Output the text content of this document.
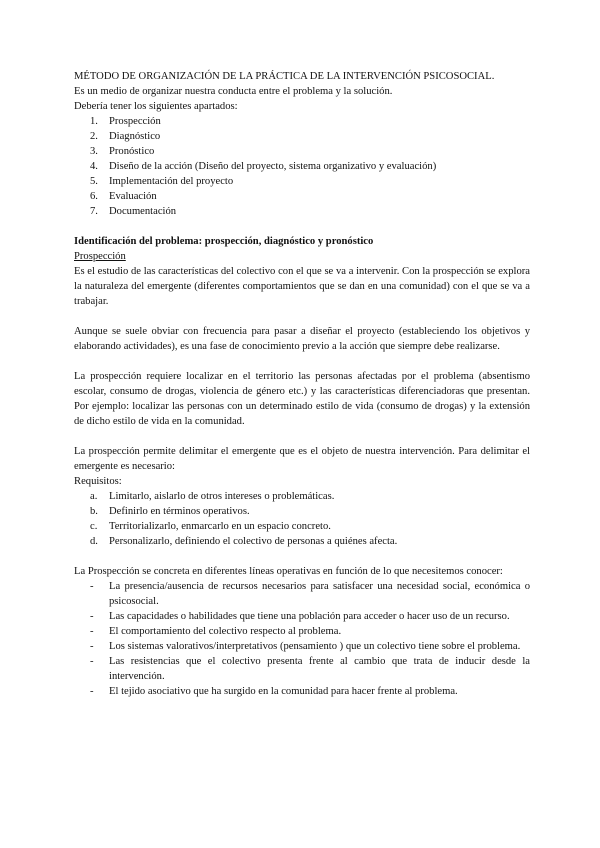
MÉTODO DE ORGANIZACIÓN DE LA PRÁCTICA DE LA INTERVENCIÓN PSICOSOCIAL.

Es un medio de organizar nuestra conducta entre el problema y la solución.

Debería tener los siguientes apartados:

1. Prospección
2. Diagnóstico
3. Pronóstico
4. Diseño de la acción (Diseño del proyecto, sistema organizativo y evaluación)
5. Implementación del proyecto
6. Evaluación
7. Documentación

Identificación del problema: prospección, diagnóstico y pronóstico

Prospección

Es el estudio de las características del colectivo con el que se va a intervenir. Con la prospección se explora la naturaleza del emergente (diferentes comportamientos que se dan en una comunidad) con el que se va a trabajar.

Aunque se suele obviar con frecuencia para pasar a diseñar el proyecto (estableciendo los objetivos y elaborando actividades), es una fase de conocimiento previo a la acción que siempre debe realizarse.

La prospección requiere localizar en el territorio las personas afectadas por el problema (absentismo escolar, consumo de drogas, violencia de género etc.) y las características diferenciadoras que presentan. Por ejemplo: localizar las personas con un determinado estilo de vida (consumo de drogas) y la extensión de dicho estilo de vida en la comunidad.

La prospección permite delimitar el emergente que es el objeto de nuestra intervención. Para delimitar el emergente es necesario:

Requisitos:

a. Limitarlo, aislarlo de otros intereses o problemáticas.
b. Definirlo en términos operativos.
c. Territorializarlo, enmarcarlo en un espacio concreto.
d. Personalizarlo, definiendo el colectivo de personas a quiénes afecta.

La Prospección se concreta en diferentes líneas operativas en función de lo que necesitemos conocer:

- La presencia/ausencia de recursos necesarios para satisfacer una necesidad social, económica o psicosocial.
- Las capacidades o habilidades que tiene una población para acceder o hacer uso de un recurso.
- El comportamiento del colectivo respecto al problema.
- Los sistemas valorativos/interpretativos (pensamiento ) que un colectivo tiene sobre el problema.
- Las resistencias que el colectivo presenta frente al cambio que trata de inducir desde la intervención.
- El tejido asociativo que ha surgido en la comunidad para hacer frente al problema.
